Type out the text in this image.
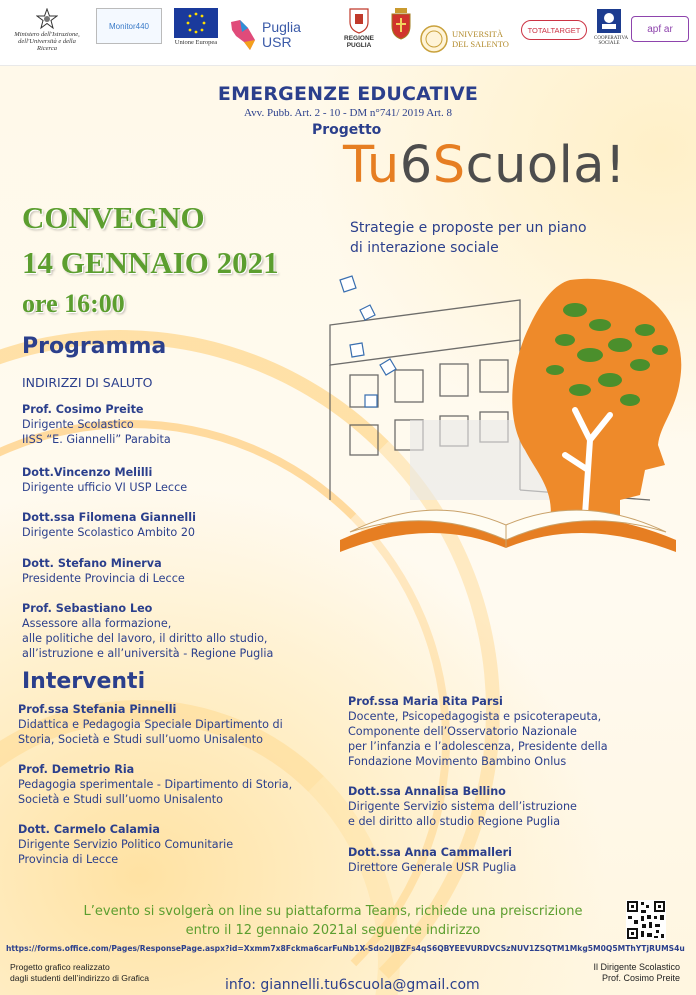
Ministero dell'Istruzione,
dell'Università e della Ricerca
Monitor440
Unione Europea
Puglia USR	REGIONE PUGLIA
UNIVERSITÀ DEL SALENTO
TOTALTARGET
COOPERATIVA SOCIALE
apf ar
EMERGENZE EDUCATIVE
Avv. Pubb. Art. 2 - 10 - DM n°741/ 2019 Art. 8
Progetto
Tu6Scuola!
Strategie e proposte per un piano
di interazione sociale
CONVEGNO
14 GENNAIO 2021
ore 16:00
Programma
INDIRIZZI DI SALUTO
Prof. Cosimo Preite
Dirigente Scolastico
IISS “E. Giannelli” Parabita
Dott.Vincenzo Melilli
Dirigente ufficio VI USP Lecce
Dott.ssa Filomena Giannelli
Dirigente Scolastico Ambito 20
Dott. Stefano Minerva
Presidente Provincia di Lecce
Prof. Sebastiano Leo
Assessore alla formazione,
alle politiche del lavoro, il diritto allo studio,
all’istruzione e all’università - Regione Puglia
Interventi
Prof.ssa Stefania Pinnelli
Didattica e Pedagogia Speciale Dipartimento di
Storia, Società e Studi sull’uomo Unisalento
Prof. Demetrio Ria
Pedagogia sperimentale - Dipartimento di Storia,
Società e Studi sull’uomo Unisalento
Dott. Carmelo Calamia
Dirigente Servizio Politico Comunitarie
Provincia di Lecce
Prof.ssa Maria Rita Parsi
Docente, Psicopedagogista e psicoterapeuta,
Componente dell’Osservatorio Nazionale
per l’infanzia e l’adolescenza, Presidente della
Fondazione Movimento Bambino Onlus
Dott.ssa Annalisa Bellino
Dirigente Servizio sistema dell’istruzione
e del diritto allo studio Regione Puglia
Dott.ssa Anna Cammalleri
Direttore Generale USR Puglia
L’evento si svolgerà on line su piattaforma Teams, richiede una preiscrizione
entro il 12 gennaio 2021al seguente indirizzo
https://forms.office.com/Pages/ResponsePage.aspx?id=Xxmm7x8Fckma6carFuNb1X-Sdo2lJBZFs4qS6QBYEEVURDVCSzNUV1ZSQTM1Mkg5M0Q5MThYTjRUMS4u
Progetto grafico realizzato
dagli studenti dell’indirizzo di Grafica	info: giannelli.tu6scuola@gmail.com
Il Dirigente Scolastico
Prof. Cosimo Preite
